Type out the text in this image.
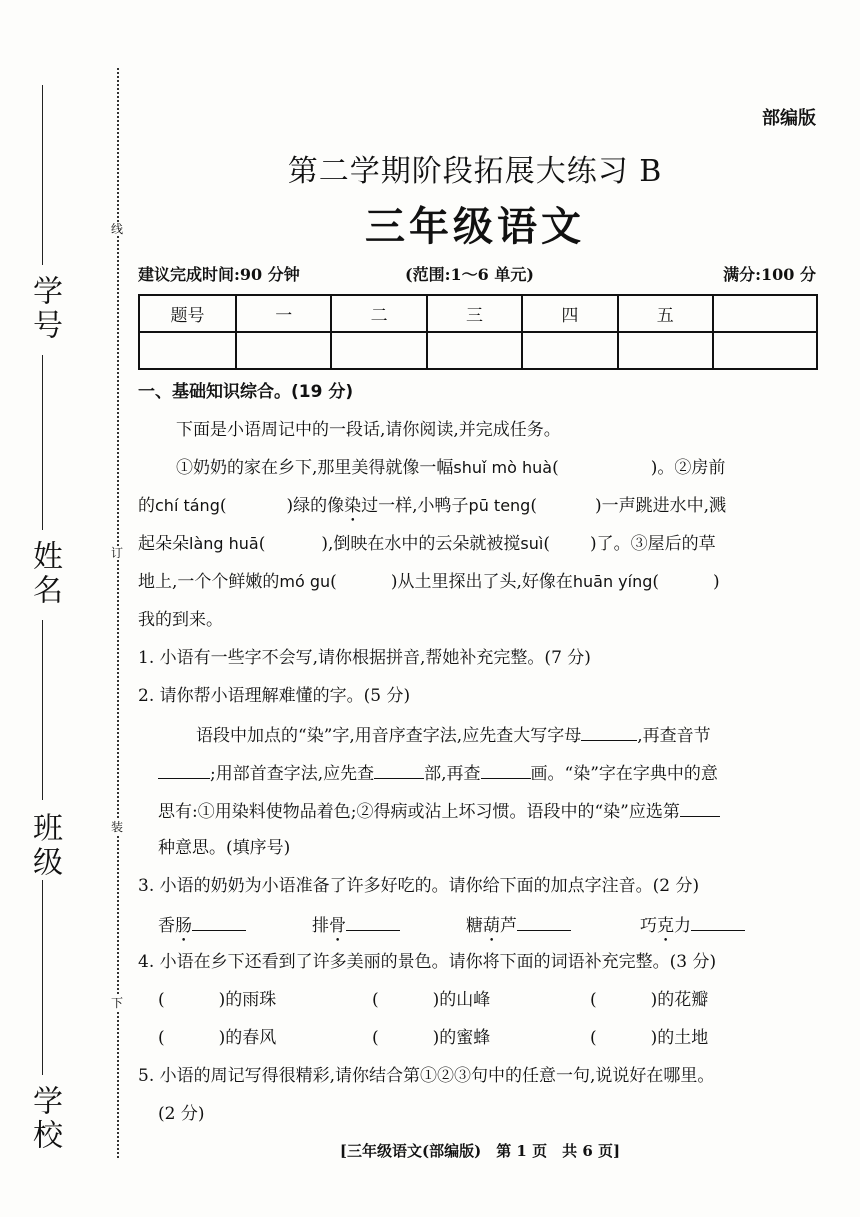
学校
班级
姓名
学号
线
订
装
下
部编版
第二学期阶段拓展大练习 B
三年级语文
建议完成时间:90 分钟	(范围:1～6 单元)	满分:100 分
题号	一	二	三	四	五	

一、基础知识综合。(19 分)
下面是小语周记中的一段话,请你阅读,并完成任务。
①奶奶的家在乡下,那里美得就像一幅shuǐ mò huà(	)。②房前
的chí táng(	)绿的像染过一样,小鸭子pū teng(	)一声跳进水中,溅
起朵朵làng huā(	),倒映在水中的云朵就被搅suì( )了。③屋后的草
地上,一个个鲜嫩的mó gu(	)从土里探出了头,好像在huān yíng(	)
我的到来。
1. 小语有一些字不会写,请你根据拼音,帮她补充完整。(7 分)
2. 请你帮小语理解难懂的字。(5 分)
语段中加点的“染”字,用音序查字法,应先查大写字母	,再查音节
;用部首查字法,应先查	部,再查	画。“染”字在字典中的意
思有:①用染料使物品着色;②得病或沾上坏习惯。语段中的“染”应选第
种意思。(填序号)
3. 小语的奶奶为小语准备了许多好吃的。请你给下面的加点字注音。(2 分)
香肠	排骨	糖葫芦	巧克力
4. 小语在乡下还看到了许多美丽的景色。请你将下面的词语补充完整。(3 分)
(	)的雨珠	(	)的山峰	(	)的花瓣
(	)的春风	(	)的蜜蜂	(	)的土地
5. 小语的周记写得很精彩,请你结合第①②③句中的任意一句,说说好在哪里。
(2 分)
[三年级语文(部编版)　第 1 页　共 6 页]
